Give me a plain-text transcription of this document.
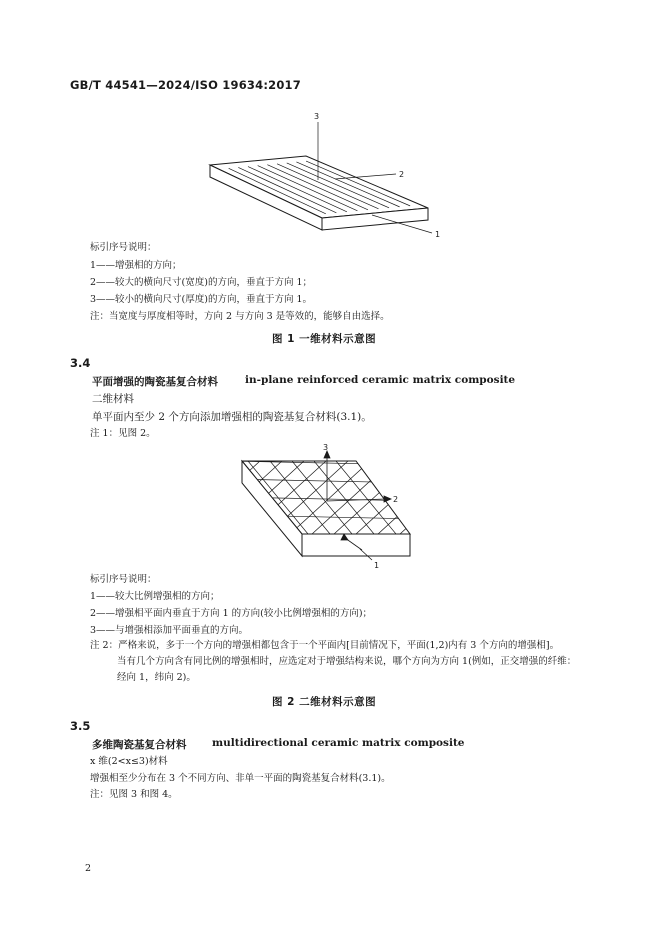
GB/T 44541—2024/ISO 19634:2017
3
2
1
标引序号说明：
1——增强相的方向；
2——较大的横向尺寸(宽度)的方向，垂直于方向 1；
3——较小的横向尺寸(厚度)的方向，垂直于方向 1。
注：当宽度与厚度相等时，方向 2 与方向 3 是等效的，能够自由选择。
图 1 一维材料示意图
3.4
平面增强的陶瓷基复合材料	in-plane reinforced ceramic matrix composite
二维材料
单平面内至少 2 个方向添加增强相的陶瓷基复合材料(3.1)。
注 1：见图 2。
3
2
1
标引序号说明：
1——较大比例增强相的方向；
2——增强相平面内垂直于方向 1 的方向(较小比例增强相的方向)；
3——与增强相添加平面垂直的方向。
注 2：严格来说，多于一个方向的增强相都包含于一个平面内[目前情况下，平面(1,2)内有 3 个方向的增强相]。
当有几个方向含有同比例的增强相时，应选定对于增强结构来说，哪个方向为方向 1(例如，正交增强的纤维：
经向 1，纬向 2)。
图 2 二维材料示意图
3.5
多维陶瓷基复合材料 multidirectional ceramic matrix composite
x 维(2<x≤3)材料
增强相至少分布在 3 个不同方向、非单一平面的陶瓷基复合材料(3.1)。
注：见图 3 和图 4。
2
